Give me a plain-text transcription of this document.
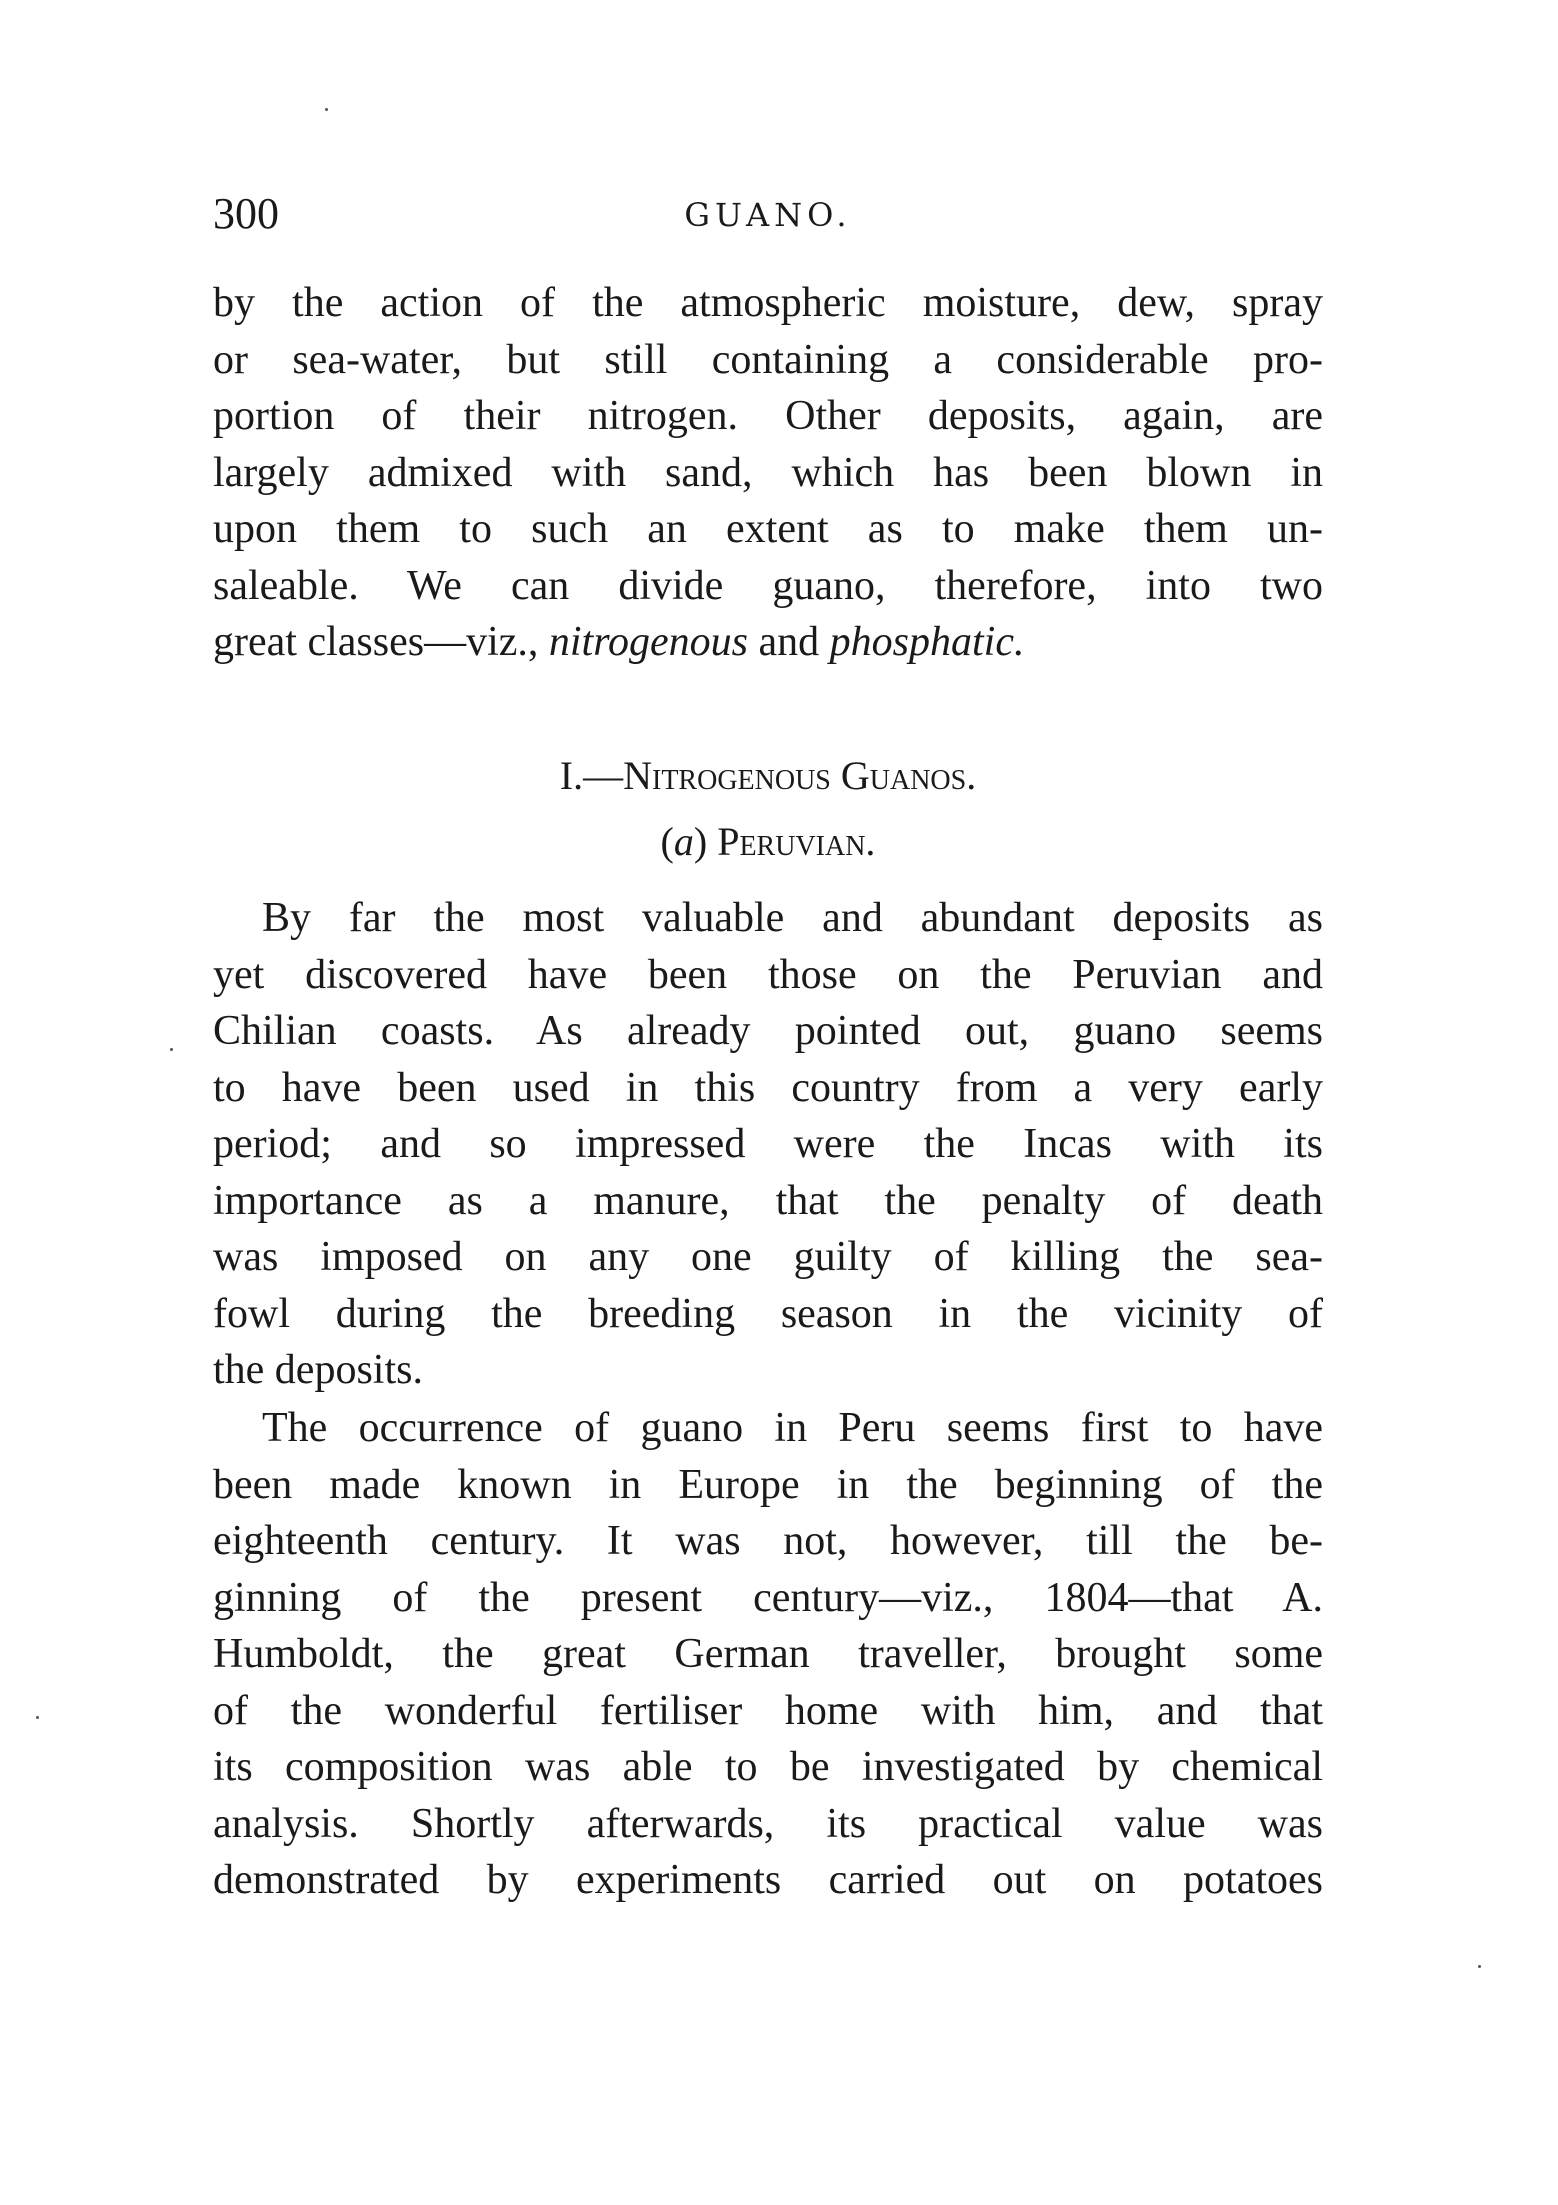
300	GUANO.
by the action of the atmospheric moisture, dew, spray
or sea-water, but still containing a considerable pro-
portion of their nitrogen. Other deposits, again, are
largely admixed with sand, which has been blown in
upon them to such an extent as to make them un-
saleable. We can divide guano, therefore, into two
great classes—viz., nitrogenous and phosphatic.
I.—Nitrogenous Guanos.
(a) Peruvian.
By far the most valuable and abundant deposits as
yet discovered have been those on the Peruvian and
Chilian coasts. As already pointed out, guano seems
to have been used in this country from a very early
period; and so impressed were the Incas with its
importance as a manure, that the penalty of death
was imposed on any one guilty of killing the sea-
fowl during the breeding season in the vicinity of
the deposits.
The occurrence of guano in Peru seems first to have
been made known in Europe in the beginning of the
eighteenth century. It was not, however, till the be-
ginning of the present century—viz., 1804—that A.
Humboldt, the great German traveller, brought some
of the wonderful fertiliser home with him, and that
its composition was able to be investigated by chemical
analysis. Shortly afterwards, its practical value was
demonstrated by experiments carried out on potatoes
